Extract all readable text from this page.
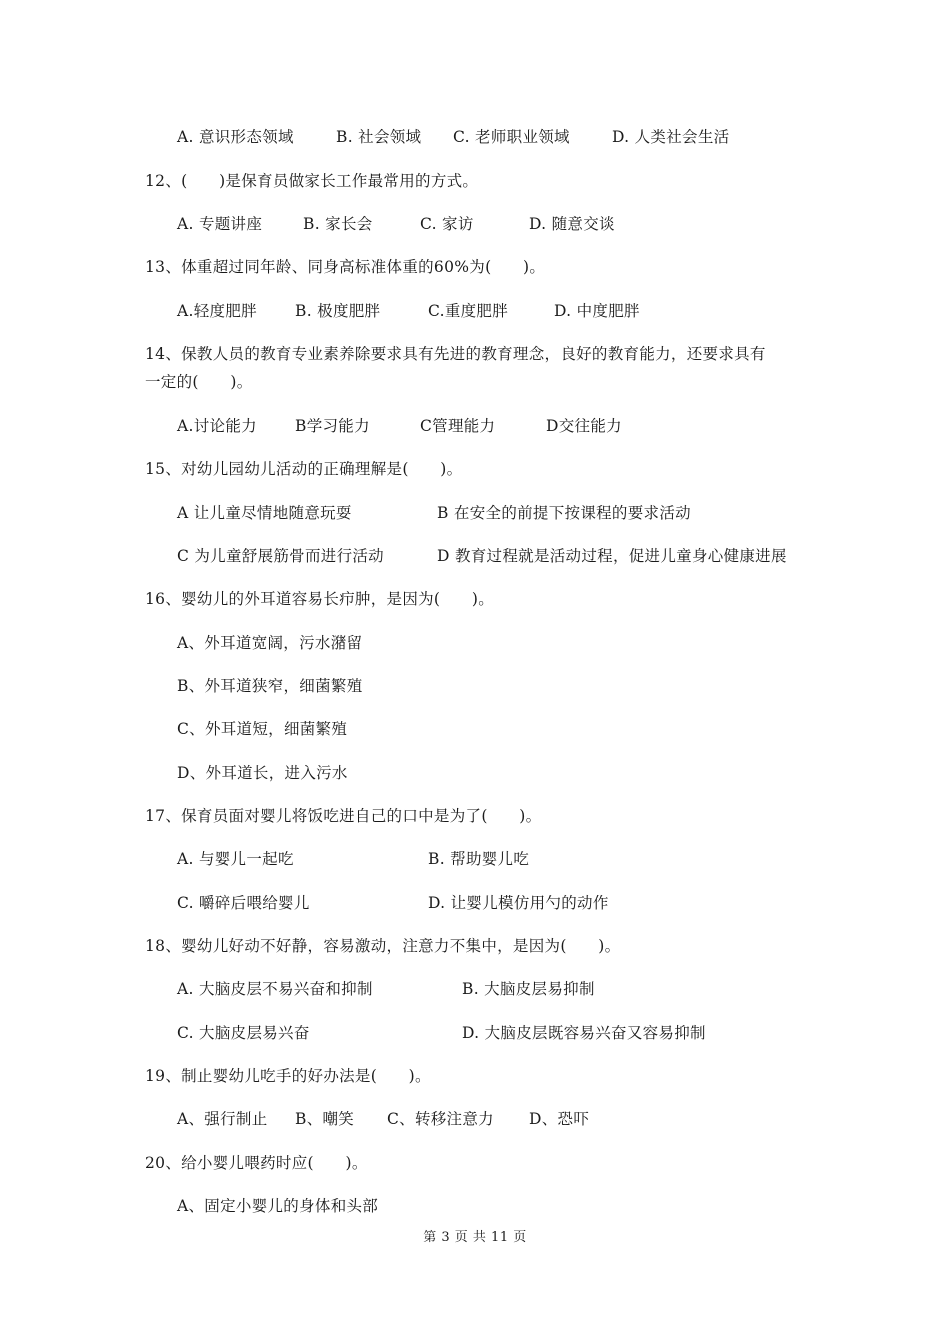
A. 意识形态领域	B. 社会领域 C. 老师职业领域	D. 人类社会生活
12、(　　)是保育员做家长工作最常用的方式。
A. 专题讲座	B. 家长会	C. 家访	D. 随意交谈
13、体重超过同年龄、同身高标准体重的60%为(　　)。
A.轻度肥胖 B. 极度肥胖	C.重度肥胖	D. 中度肥胖
14、保教人员的教育专业素养除要求具有先进的教育理念，良好的教育能力，还要求具有
一定的(　　)。
A.讨论能力 B学习能力	C管理能力	D交往能力
15、对幼儿园幼儿活动的正确理解是(　　)。
A 让儿童尽情地随意玩耍	B 在安全的前提下按课程的要求活动
C 为儿童舒展筋骨而进行活动	D 教育过程就是活动过程，促进儿童身心健康进展
16、婴幼儿的外耳道容易长疖肿，是因为(　　)。
A、外耳道宽阔，污水潴留
B、外耳道狭窄，细菌繁殖
C、外耳道短，细菌繁殖
D、外耳道长，进入污水
17、保育员面对婴儿将饭吃进自己的口中是为了(　　)。
A. 与婴儿一起吃	B. 帮助婴儿吃
C. 嚼碎后喂给婴儿	D. 让婴儿模仿用勺的动作
18、婴幼儿好动不好静，容易激动，注意力不集中，是因为(　　)。
A. 大脑皮层不易兴奋和抑制	B. 大脑皮层易抑制
C. 大脑皮层易兴奋	D. 大脑皮层既容易兴奋又容易抑制
19、制止婴幼儿吃手的好办法是(　　)。
A、强行制止 B、嘲笑 C、转移注意力 D、恐吓
20、给小婴儿喂药时应(　　)。
A、固定小婴儿的身体和头部
第 3 页 共 11 页
